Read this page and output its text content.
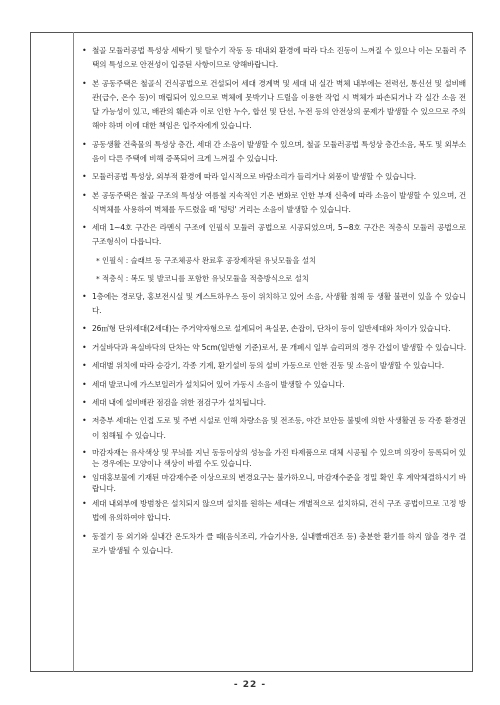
• 철골 모듈러공법 특성상 세탁기 및 탈수기 작동 등 대내외 환경에 따라 다소 진동이 느껴질 수 있으나 이는 모듈러 주택의 특성으로 안전성이 입증된 사항이므로 양해바랍니다.
• 본 공동주택은 철골식 건식공법으로 건설되어 세대 경계벽 및 세대 내 실간 벽체 내부에는 전력선, 통신선 및 설비배관(급수, 온수 등)이 매립되어 있으므로 벽체에 못박기나 드릴을 이용한 작업 시 벽체가 파손되거나 각 실간 소음 전달 가능성이 있고, 배관의 훼손과 이로 인한 누수, 합선 및 단선, 누전 등의 안전상의 문제가 발생할 수 있으므로 주의해야 하며 이에 대한 책임은 입주자에게 있습니다.
• 공동생활 건축물의 특성상 층간, 세대 간 소음이 발생할 수 있으며, 철골 모듈러공법 특성상 층간소음, 복도 및 외부소음이 다른 주택에 비해 증폭되어 크게 느껴질 수 있습니다.
• 모듈러공법 특성상, 외부적 환경에 따라 일시적으로 바람소리가 들리거나 외풍이 발생할 수 있습니다.
• 본 공동주택은 철골 구조의 특성상 여름철 지속적인 기온 변화로 인한 부재 신축에 따라 소음이 발생할 수 있으며, 건식벽체를 사용하여 벽체를 두드렸을 때 '텅텅' 거리는 소음이 발생할 수 있습니다.
• 세대 1~4호 구간은 라멘식 구조에 인필식 모듈러 공법으로 시공되었으며, 5~8호 구간은 적층식 모듈러 공법으로 구조형식이 다릅니다.
* 인필식 : 슬래브 등 구조체공사 완료후 공장제작된 유닛모듈을 설치
* 적층식 : 복도 및 발코니를 포함한 유닛모듈을 적층방식으로 설치
• 1층에는 경로당, 홍보전시실 및 게스트하우스 등이 위치하고 있어 소음, 사생활 침해 등 생활 불편이 있을 수 있습니다.
• 26㎡형 단위세대(2세대)는 주거약자형으로 설계되어 욕실문, 손잡이, 단차이 등이 일반세대와 차이가 있습니다.
• 거실바닥과 욕실바닥의 단차는 약 5cm(일반형 기준)로서, 문 개폐시 일부 슬리퍼의 경우 간섭이 발생할 수 있습니다.
• 세대별 위치에 따라 승강기, 각종 기계, 환기설비 등의 설비 가동으로 인한 진동 및 소음이 발생할 수 있습니다.
• 세대 발코니에 가스보일러가 설치되어 있어 가동시 소음이 발생할 수 있습니다.
• 세대 내에 설비배관 점검을 위한 점검구가 설치됩니다.
• 저층부 세대는 인접 도로 및 주변 시설로 인해 차량소음 및 전조등, 야간 보안등 불빛에 의한 사생활권 등 각종 환경권이 침해될 수 있습니다.
• 마감자재는 유사색상 및 무늬를 지닌 동등이상의 성능을 가진 타제품으로 대체 시공될 수 있으며 의장이 등록되어 있는 경우에는 모양이나 색상이 바뀔 수도 있습니다.
• 임대홍보물에 기재된 마감재수준 이상으로의 변경요구는 불가하오니, 마감재수준을 정밀 확인 후 계약체결하시기 바랍니다.
• 세대 내외부에 방범창은 설치되지 않으며 설치를 원하는 세대는 개별적으로 설치하되, 건식 구조 공법이므로 고정 방법에 유의하여야 합니다.
• 동절기 등 외기와 실내간 온도차가 클 때(음식조리, 가습기사용, 실내빨래건조 등) 충분한 환기를 하지 않을 경우 결로가 발생될 수 있습니다.
- 22 -
